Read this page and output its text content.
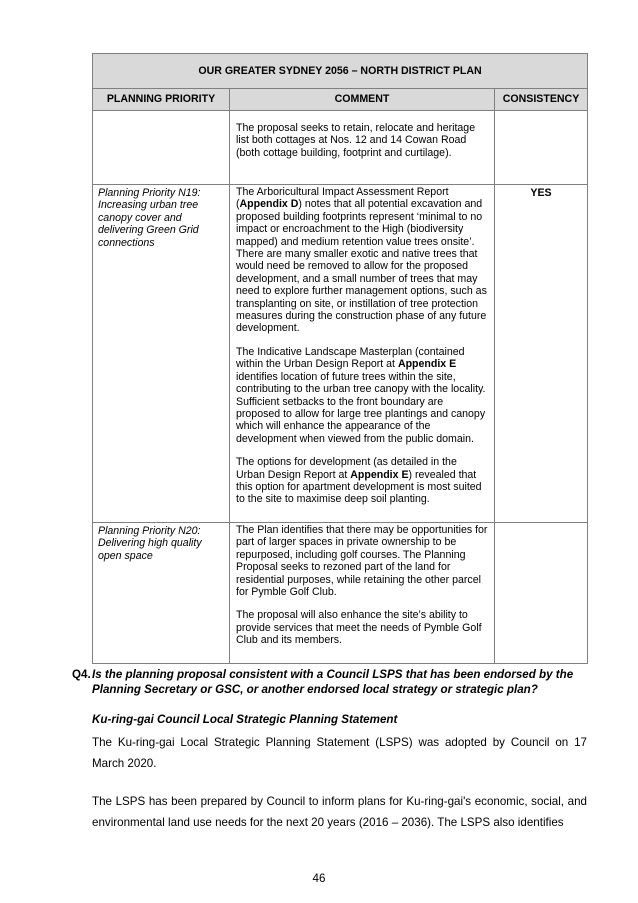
OUR GREATER SYDNEY 2056 – NORTH DISTRICT PLAN		
PLANNING PRIORITY	COMMENT	CONSISTENCY

	The proposal seeks to retain, relocate and heritage list both cottages at Nos. 12 and 14 Cowan Road (both cottage building, footprint and curtilage).	

Planning Priority N19: Increasing urban tree canopy cover and delivering Green Grid connections	The Arboricultural Impact Assessment Report (Appendix D) notes that all potential excavation and proposed building footprints represent ‘minimal to no impact or encroachment to the High (biodiversity mapped) and medium retention value trees onsite’. There are many smaller exotic and native trees that would need be removed to allow for the proposed development, and a small number of trees that may need to explore further management options, such as transplanting on site, or instillation of tree protection measures during the construction phase of any future development.

The Indicative Landscape Masterplan (contained within the Urban Design Report at Appendix E identifies location of future trees within the site, contributing to the urban tree canopy with the locality. Sufficient setbacks to the front boundary are proposed to allow for large tree plantings and canopy which will enhance the appearance of the development when viewed from the public domain.

The options for development (as detailed in the Urban Design Report at Appendix E) revealed that this option for apartment development is most suited to the site to maximise deep soil planting.	YES
Planning Priority N20: Delivering high quality open space	The Plan identifies that there may be opportunities for part of larger spaces in private ownership to be repurposed, including golf courses. The Planning Proposal seeks to rezoned part of the land for residential purposes, while retaining the other parcel for Pymble Golf Club.

The proposal will also enhance the site’s ability to provide services that meet the needs of Pymble Golf Club and its members.	

Q4. Is the planning proposal consistent with a Council LSPS that has been endorsed by the Planning Secretary or GSC, or another endorsed local strategy or strategic plan?
Ku-ring-gai Council Local Strategic Planning Statement
The Ku-ring-gai Local Strategic Planning Statement (LSPS) was adopted by Council on 17 March 2020.
The LSPS has been prepared by Council to inform plans for Ku-ring-gai's economic, social, and environmental land use needs for the next 20 years (2016 – 2036). The LSPS also identifies
46
